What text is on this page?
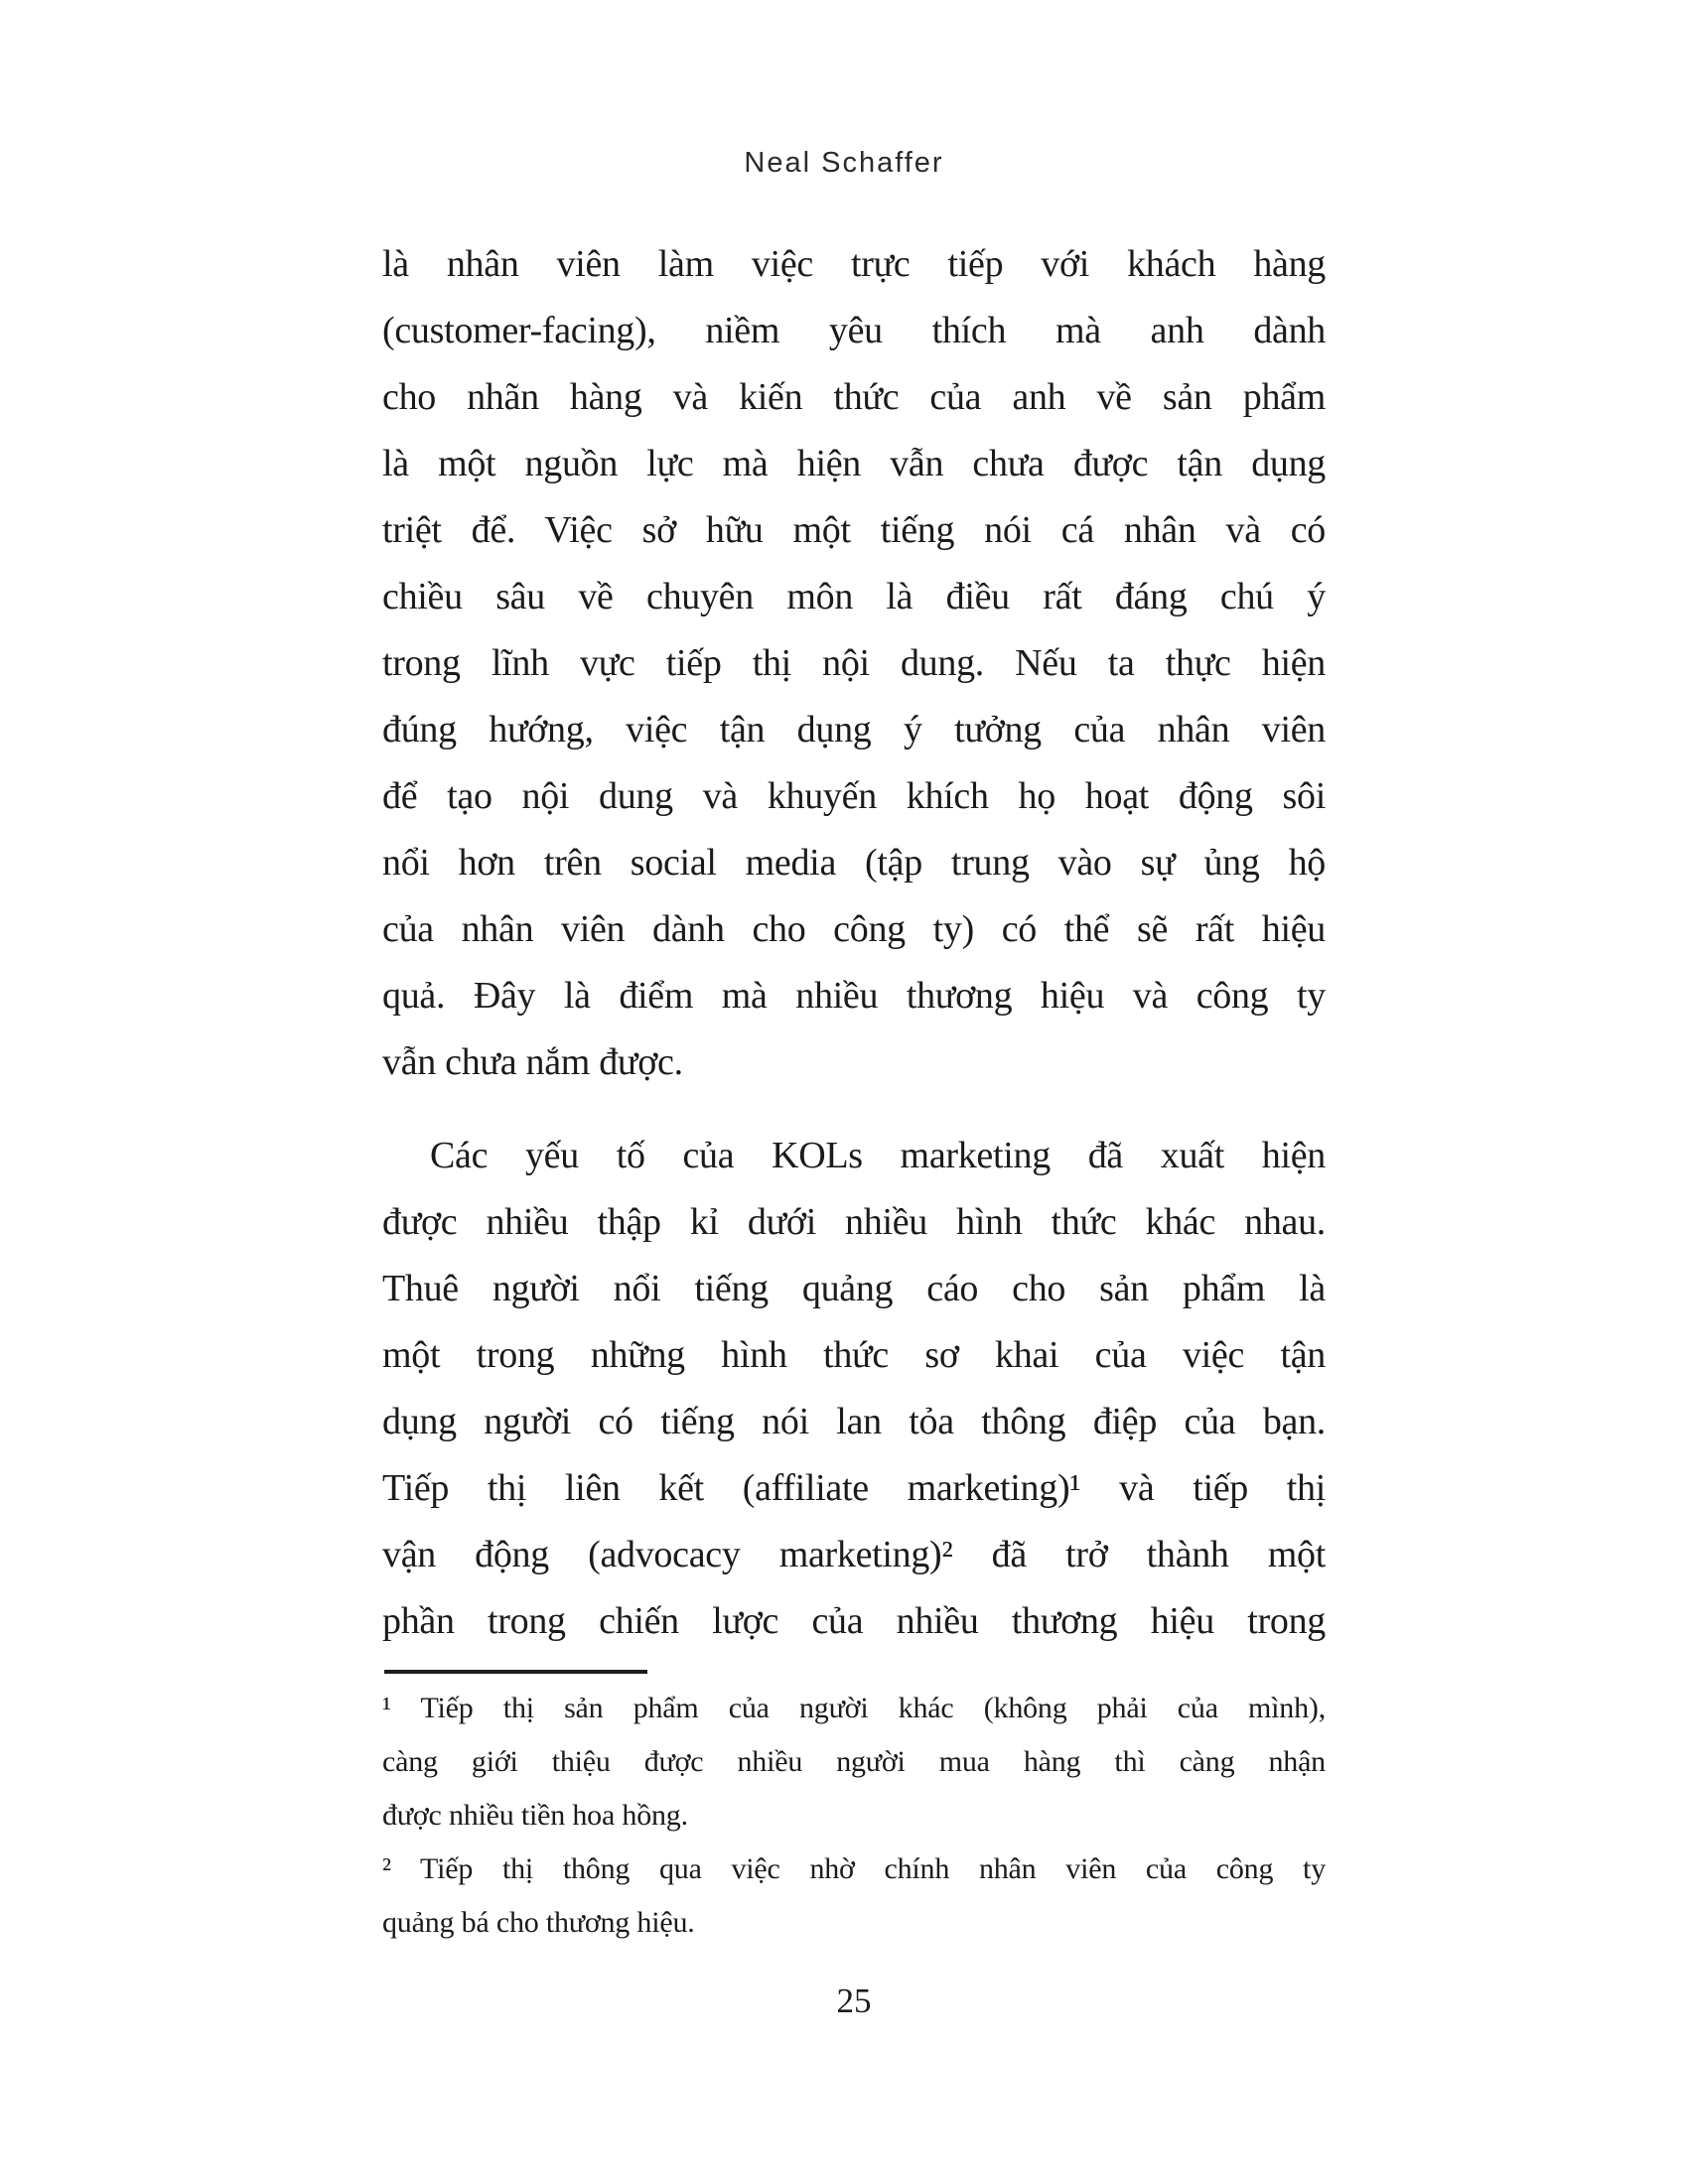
Neal Schaffer
là nhân viên làm việc trực tiếp với khách hàng
(customer-facing), niềm yêu thích mà anh dành
cho nhãn hàng và kiến thức của anh về sản phẩm
là một nguồn lực mà hiện vẫn chưa được tận dụng
triệt để. Việc sở hữu một tiếng nói cá nhân và có
chiều sâu về chuyên môn là điều rất đáng chú ý
trong lĩnh vực tiếp thị nội dung. Nếu ta thực hiện
đúng hướng, việc tận dụng ý tưởng của nhân viên
để tạo nội dung và khuyến khích họ hoạt động sôi
nổi hơn trên social media (tập trung vào sự ủng hộ
của nhân viên dành cho công ty) có thể sẽ rất hiệu
quả. Đây là điểm mà nhiều thương hiệu và công ty
vẫn chưa nắm được.
Các yếu tố của KOLs marketing đã xuất hiện
được nhiều thập kỉ dưới nhiều hình thức khác nhau.
Thuê người nổi tiếng quảng cáo cho sản phẩm là
một trong những hình thức sơ khai của việc tận
dụng người có tiếng nói lan tỏa thông điệp của bạn.
Tiếp thị liên kết (affiliate marketing)¹ và tiếp thị
vận động (advocacy marketing)² đã trở thành một
phần trong chiến lược của nhiều thương hiệu trong
¹ Tiếp thị sản phẩm của người khác (không phải của mình),
càng giới thiệu được nhiều người mua hàng thì càng nhận
được nhiều tiền hoa hồng.
² Tiếp thị thông qua việc nhờ chính nhân viên của công ty
quảng bá cho thương hiệu.
25
